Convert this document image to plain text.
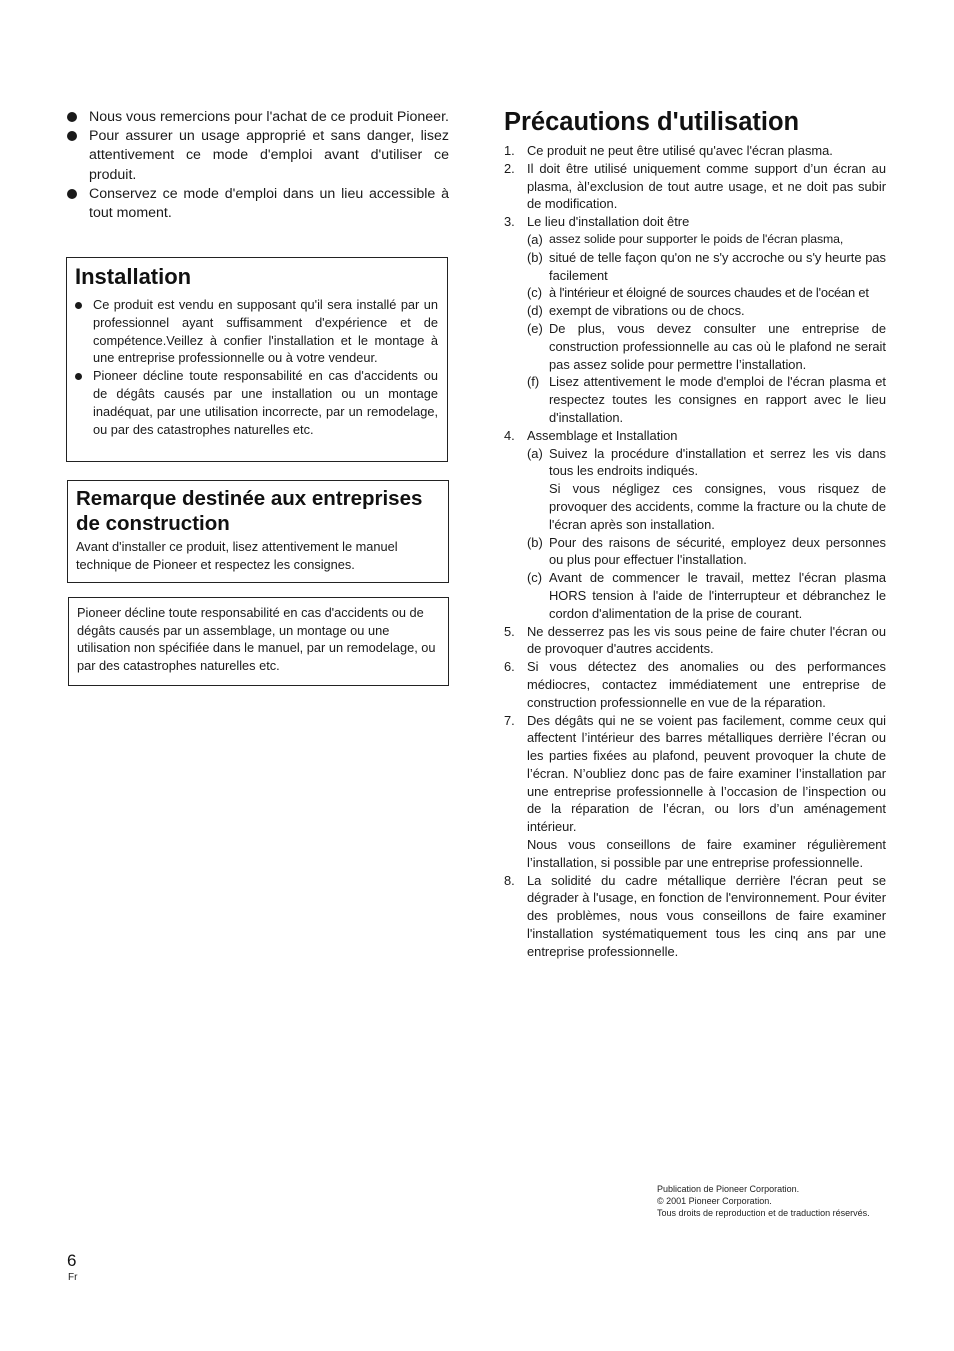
Nous vous remercions pour l'achat de ce produit Pioneer.
Pour assurer un usage approprié et sans danger, lisez attentivement ce mode d'emploi avant d'utiliser ce produit.
Conservez ce mode d'emploi dans un lieu accessible à tout moment.
Installation
Ce produit est vendu en supposant qu'il sera installé par un professionnel ayant suffisamment d'expérience et de compétence.Veillez à confier l'installation et le montage à une entreprise professionnelle ou à votre vendeur.
Pioneer décline toute responsabilité en cas d'accidents ou de dégâts causés par une installation ou un montage inadéquat, par une utilisation incorrecte, par un remodelage, ou par des catastrophes naturelles etc.
Remarque destinée aux entreprises de construction

Avant d'installer ce produit, lisez attentivement le manuel technique de Pioneer et respectez les consignes.

Pioneer décline toute responsabilité en cas d'accidents ou de dégâts causés par un assemblage, un montage ou une utilisation non spécifiée dans le manuel, par un remodelage, ou par des catastrophes naturelles etc.

Précautions d'utilisation
1. Ce produit ne peut être utilisé qu'avec l'écran plasma.
2. Il doit être utilisé uniquement comme support d’un écran au plasma, àl’exclusion de tout autre usage, et ne doit pas subir de modification.
3. Le lieu d'installation doit être
(a) assez solide pour supporter le poids de l'écran plasma,
(b) situé de telle façon qu'on ne s'y accroche ou s'y heurte pas facilement
(c) à l'intérieur et éloigné de sources chaudes et de l'océan et
(d) exempt de vibrations ou de chocs.
(e) De plus, vous devez consulter une entreprise de construction professionnelle au cas où le plafond ne serait pas assez solide pour permettre l’installation.
(f) Lisez attentivement le mode d'emploi de l'écran plasma et respectez toutes les consignes en rapport avec le lieu d'installation.
4. Assemblage et Installation
(a) Suivez la procédure d'installation et serrez les vis dans tous les endroits indiqués.
Si vous négligez ces consignes, vous risquez de provoquer des accidents, comme la fracture ou la chute de l'écran après son installation.
(b) Pour des raisons de sécurité, employez deux personnes ou plus pour effectuer l'installation.
(c) Avant de commencer le travail, mettez l'écran plasma HORS tension à l'aide de l'interrupteur et débranchez le cordon d'alimentation de la prise de courant.
5. Ne desserrez pas les vis sous peine de faire chuter l'écran ou de provoquer d'autres accidents.
6. Si vous détectez des anomalies ou des performances médiocres, contactez immédiatement une entreprise de construction professionnelle en vue de la réparation.
7. Des dégâts qui ne se voient pas facilement, comme ceux qui affectent l’intérieur des barres métalliques derrière l’écran ou les parties fixées au plafond, peuvent provoquer la chute de l’écran. N’oubliez donc pas de faire examiner l’installation par une entreprise professionnelle à l’occasion de l’inspection ou de la réparation de l’écran, ou lors d’un aménagement intérieur.
Nous vous conseillons de faire examiner régulièrement l’installation, si possible par une entreprise professionnelle.
8. La solidité du cadre métallique derrière l'écran peut se dégrader à l'usage, en fonction de l'environnement. Pour éviter des problèmes, nous vous conseillons de faire examiner l'installation systématiquement tous les cinq ans par une entreprise professionnelle.
Publication de Pioneer Corporation.
© 2001 Pioneer Corporation.
Tous droits de reproduction et de traduction réservés.
6
Fr
